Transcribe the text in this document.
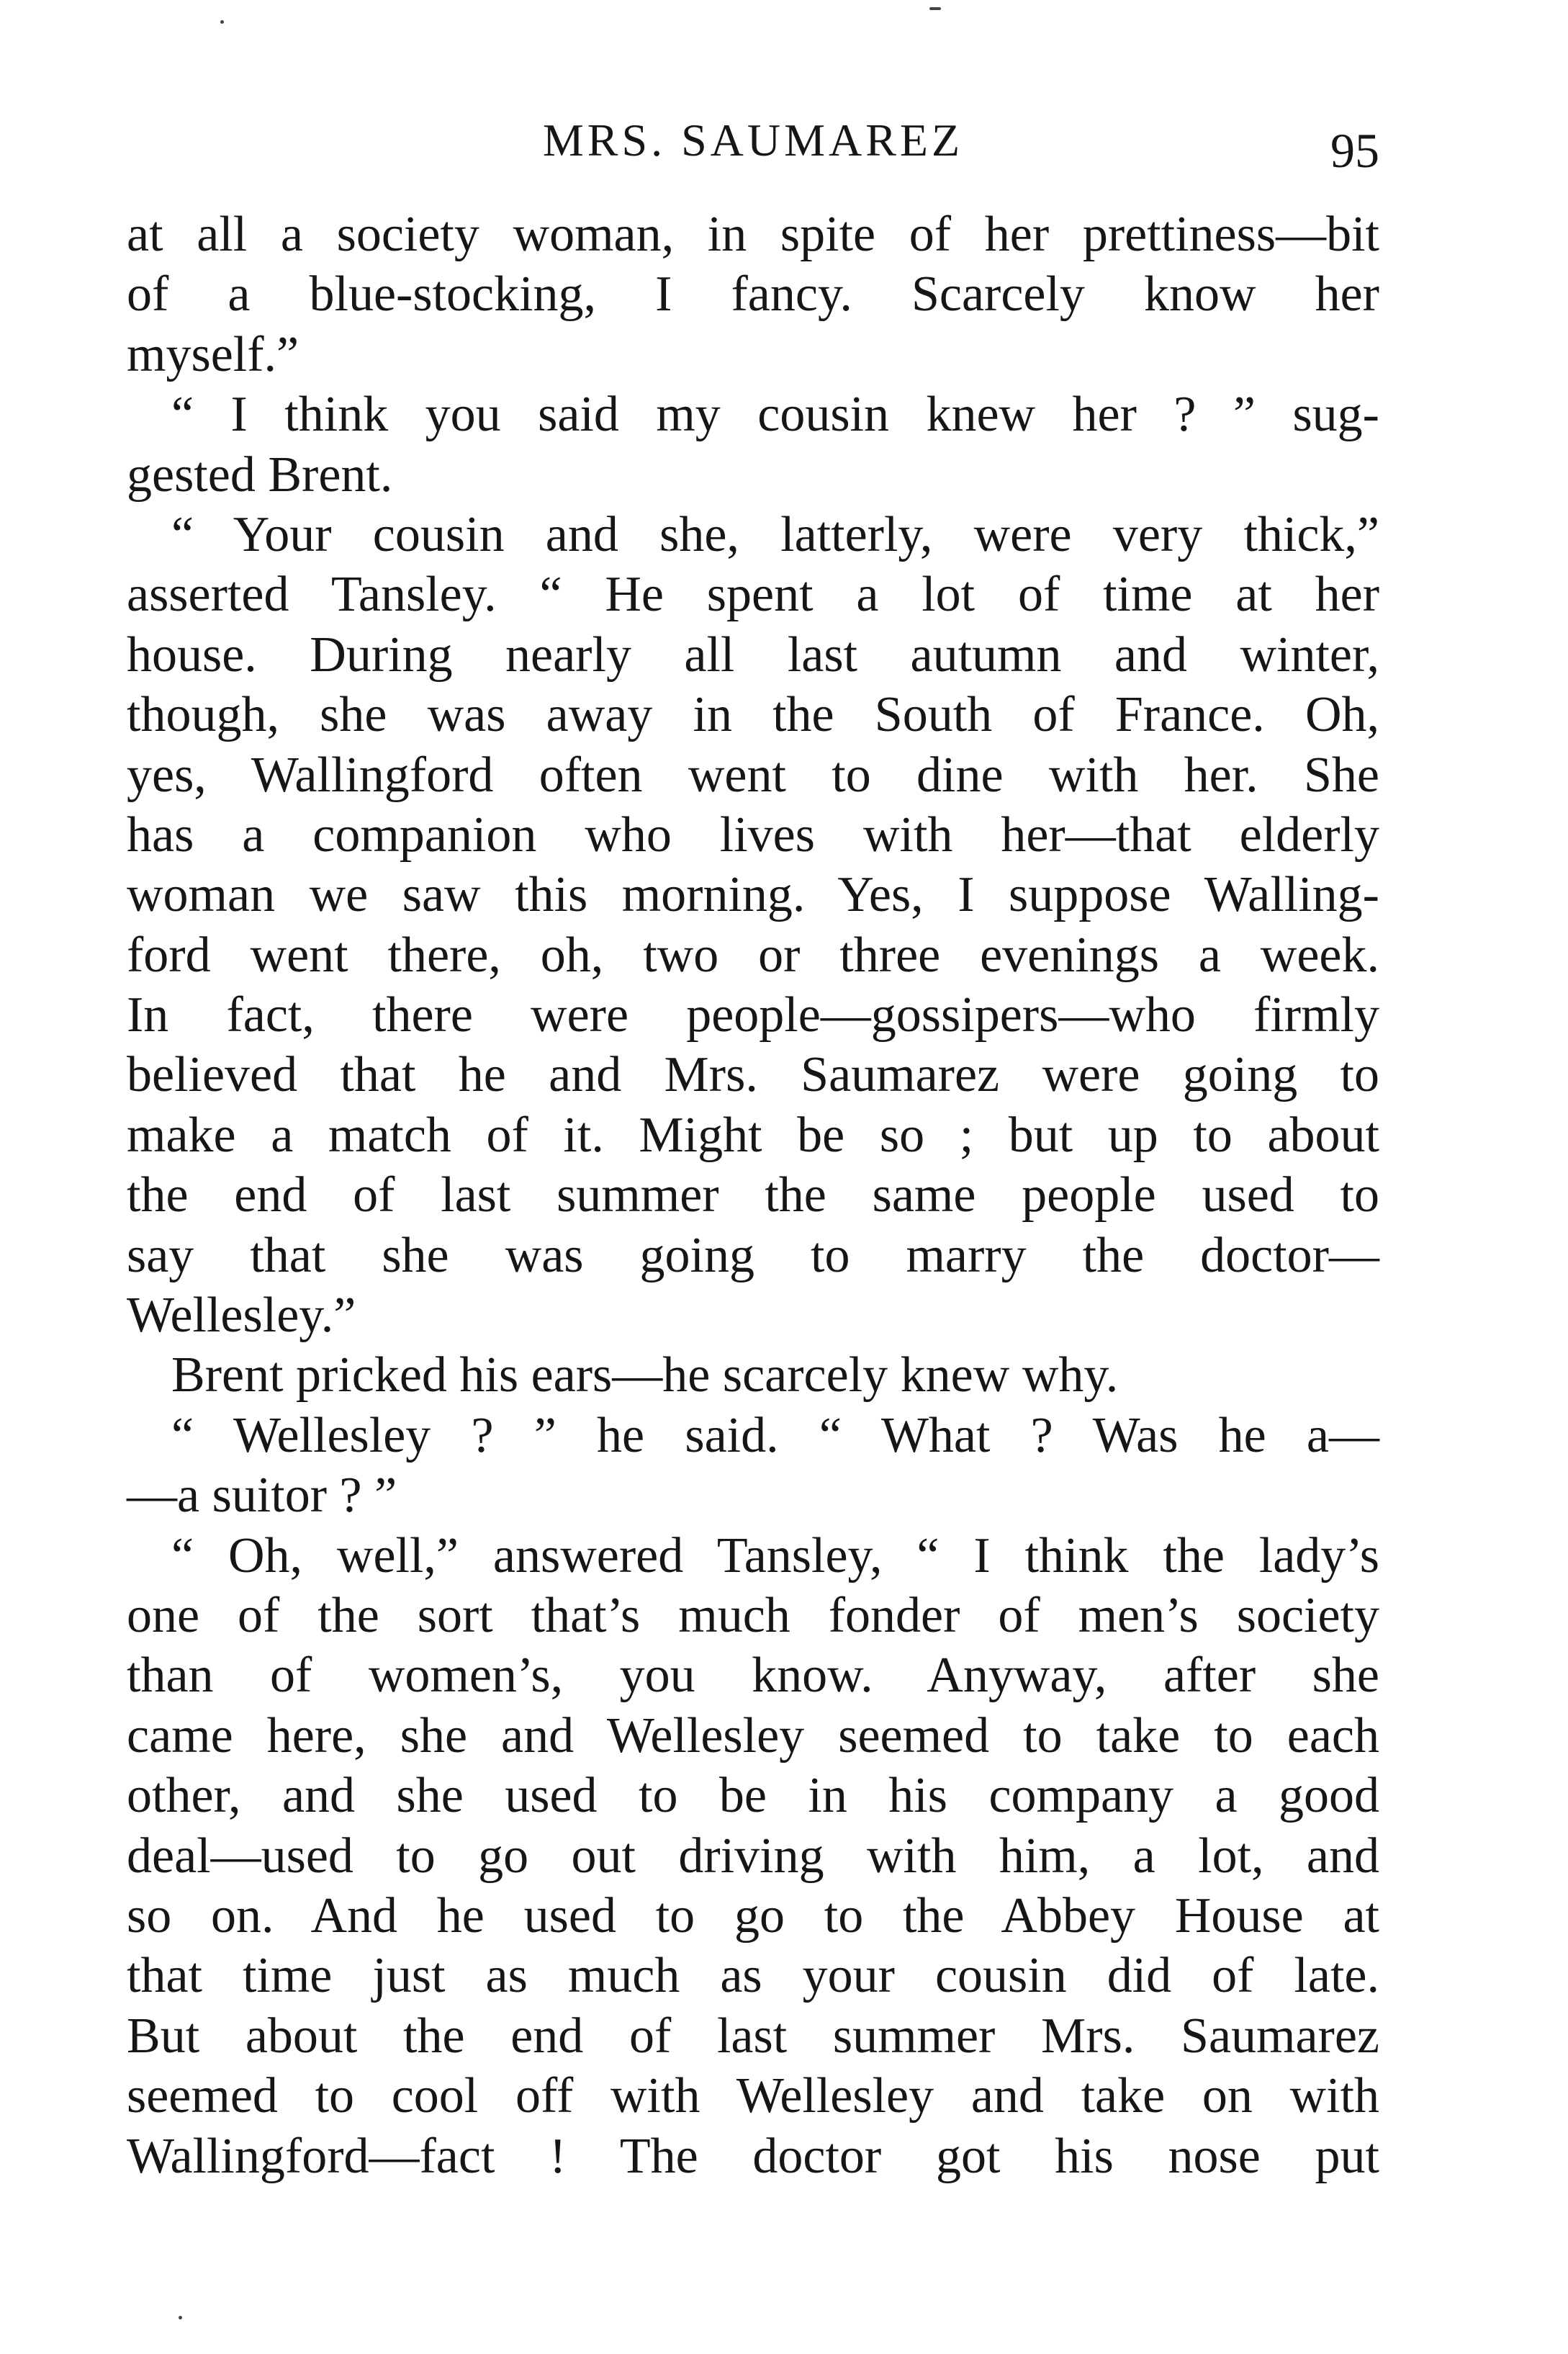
MRS. SAUMAREZ	95
at all a society woman, in spite of her prettiness—bit
of a blue-stocking, I fancy. Scarcely know her
myself.”
“ I think you said my cousin knew her ? ” sug-
gested Brent.
“ Your cousin and she, latterly, were very thick,”
asserted Tansley. “ He spent a lot of time at her
house. During nearly all last autumn and winter,
though, she was away in the South of France. Oh,
yes, Wallingford often went to dine with her. She
has a companion who lives with her—that elderly
woman we saw this morning. Yes, I suppose Walling-
ford went there, oh, two or three evenings a week.
In fact, there were people—gossipers—who firmly
believed that he and Mrs. Saumarez were going to
make a match of it. Might be so ; but up to about
the end of last summer the same people used to
say that she was going to marry the doctor—
Wellesley.”
Brent pricked his ears—he scarcely knew why.
“ Wellesley ? ” he said. “ What ? Was he a—
—a suitor ? ”
“ Oh, well,” answered Tansley, “ I think the lady’s
one of the sort that’s much fonder of men’s society
than of women’s, you know. Anyway, after she
came here, she and Wellesley seemed to take to each
other, and she used to be in his company a good
deal—used to go out driving with him, a lot, and
so on. And he used to go to the Abbey House at
that time just as much as your cousin did of late.
But about the end of last summer Mrs. Saumarez
seemed to cool off with Wellesley and take on with
Wallingford—fact ! The doctor got his nose put
